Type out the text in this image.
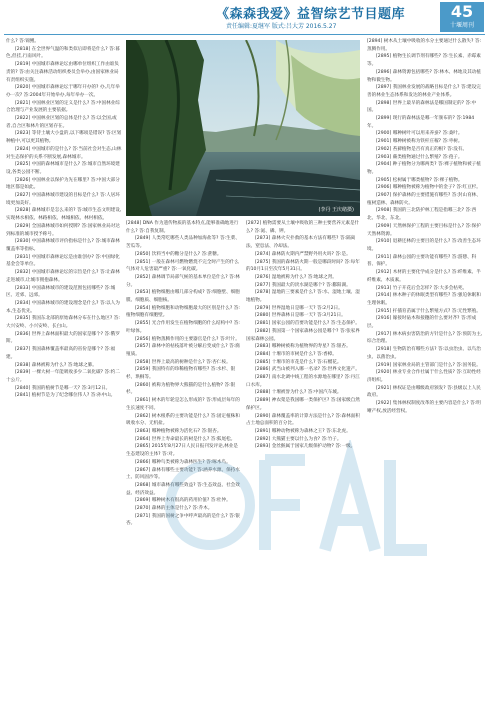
《森森我爱》益智综艺节目题库
责任编辑:夏继军 版式:吕大芳 2016.5.27
45
十堰周刊

什么? 答:锦鲤。

[2818] 在全世界气温的和类似后即将是什么? 答:暮色,但挂,行南风叶。

[2819] 中国城市森林论坛由哪单位组织工作由谁负责的? 答:由关注森林活动组织委员会举办,由国家林业局有责组织实施。

[2820] 中国城市森林论坛于哪年开办的? 办,几年举办一次? 答:2004年开始举办,每年举办一次。

[2821] 中国林业区划的定义是什么? 答:中国林业综合治理与产业发展的主要依据。

[2822] 中国林业区划的总体是什么? 答:以全国,或者,自合区和林片的区划存在。

[2823] 等待土壤大小盘的,以下哪项是错误? 答:区划种植中,可以更其植物。

[2824] 中国城市的是什么? 答:当前社会对生态,山林对生态保护的关系不断发展,森林城市。

[2825] 中国的森林城市是什么? 答:城市自然环境建设,各类公园不断。

[2826] 中国林业以保护为先在哪里? 答:中国大部分地区都是如此。

[2827] 中国森林城市建设的目标是什么? 答:人居环境更加美好。

[2828] 森林城市是怎么来的? 答:城市生态文明建设,实现林水相依、林路相依、林城相依、林村相依。

[2829] 全国森林城市如何授牌? 答:国家林业局对达到标准的城市授予称号。

[2830] 中国森林城市评价指标是什么? 答:城市森林覆盖率等指标。

[2831] 中国城市森林论坛是由谁创办? 答:中国绿化基金会等单位。

[2832] 中国城市森林论坛的宗旨是什么? 答:让森林走进城市,让城市拥抱森林。

[2833] 中国森林城市的建设范围包括哪些? 答:城区、近郊、远郊。

[2834] 中国森林城市的建设理念是什么? 答:以人为本,生态优先。

[2835] 我国东北部的原始森林分布在什么地区? 答:大兴安岭、小兴安岭、长白山。

[2836] 世界上森林面积最大的国家是哪个? 答:俄罗斯。

[2837] 我国森林覆盖率最高的省份是哪个? 答:福建。

[2838] 森林被称为什么? 答:地球之肺。

[2839] 一棵大树一年能吸收多少二氧化碳? 答:约二十公斤。

[2840] 我国的植树节是哪一天? 答:3月12日。

[2841] 植树节是为了纪念哪位伟人? 答:孙中山。

(李丹 王庆绪摄)

[2848] DNA 作为遗传物质的基本特点,能够准确地进行什么? 答:自我复制。

[2849] 人类常吃哪些人类品种加海盐等? 答:生菜、苦瓜等。

[2850] 饮料当中的糖分是什么? 答:蔗糖。

[2851] 一般在森林可燃物燃烧不完全时产生的什么气体对人危害最严重? 答:一氧化碳。

[2852] 森林调节局部气候的基本单位是什么? 答:林分。

[2853] 植物细胞由哪几部分构成? 答:细胞壁、细胞膜、细胞质、细胞核。

[2854] 植物细胞和动物细胞最大的区别是什么? 答:植物细胞有细胞壁。

[2855] 光合作用发生在植物细胞的什么结构中? 答:叶绿体。

[2856] 植物蒸腾作用的主要器官是什么? 答:叶片。

[2857] 森林中的枯枝落叶被分解后变成什么? 答:腐殖质。

[2858] 世界上最高的树种是什么? 答:杏仁桉。

[2859] 我国特有的珍稀植物有哪些? 答:水杉、银杉、珙桐等。

[2860] 被称为植物界大熊猫的是什么植物? 答:银杉。

[2861] 树木的年轮是怎么形成的? 答:形成层每年的生长速度不同。

[2862] 树木根系的主要功能是什么? 答:固定植株和吸收水分、无机盐。

[2863] 哪种植物被称为活化石? 答:银杏。

[2864] 世界上寿命最长的树是什么? 答:狐尾松。

[2865] 2015年8月27日人民日报刊发评论,林业是生态建设的主体? 答:对。

[2866] 哪种鸟类被称为森林医生? 答:啄木鸟。

[2867] 森林有哪些主要功能? 答:涵养水源、保持水土、防风固沙等。

[2868] 城市森林有哪些效益? 答:生态效益、社会效益、经济效益。

[2869] 哪种树木有很高的药用价值? 答:杜仲。

[2870] 森林的主体是什么? 答:乔木。

[2871] 我国的国树之争中呼声最高的是什么? 答:银杏。

[2872] 植物需要从土壤中吸收的三种主要营养元素是什么? 答:氮、磷、钾。

[2873] 森林火灾扑救的基本方法有哪些? 答:隔离法、窒息法、冷却法。

[2874] 森林防火期内严禁野外用火吗? 答:是。

[2875] 我国的森林防火期一般是哪段时间? 答:每年的10月1日至次年5月31日。

[2876] 湿地被称为什么? 答:地球之肾。

[2877] 我国最大的淡水湖是哪个? 答:鄱阳湖。

[2878] 湿地的三要素是什么? 答:水、湿地土壤、湿地植物。

[2879] 世界湿地日是哪一天? 答:2月2日。

[2880] 世界森林日是哪一天? 答:3月21日。

[2881] 国家公园的首要功能是什么? 答:生态保护。

[2882] 我国第一个国家森林公园是哪个? 答:张家界国家森林公园。

[2883] 哪种树被称为植物界的寿星? 答:银杏。

[2884] 十堰市的市树是什么? 答:香樟。

[2885] 十堰市的市花是什么? 答:石榴花。

[2886] 武当山被列入哪一名录? 答:世界文化遗产。

[2887] 南水北调中线工程的水源地在哪里? 答:丹江口水库。

[2888] 十堰被誉为什么? 答:中国汽车城。

[2889] 神农架是我国哪一类保护区? 答:国家级自然保护区。

[2890] 森林覆盖率的计算方法是什么? 答:森林面积占土地总面积的百分比。

[2891] 哪种动物被称为森林之王? 答:东北虎。

[2892] 大熊猫主要以什么为食? 答:竹子。

[2893] 金丝猴属于国家几级保护动物? 答:一级。

[2894] 树木从土壤中吸收的水分主要通过什么散失? 答:蒸腾作用。

[2895] 植物生长调节剂有哪些? 答:生长素、赤霉素等。

[2896] 森林资源包括哪些? 答:林木、林地及其动植物和微生物。

[2897] 我国林业发展的战略目标是什么? 答:建设完善的林业生态体系和发达的林业产业体系。

[2898] 世界上最早的森林法是哪国制定的? 答:中国。

[2899] 现行的森林法是哪一年颁布的? 答:1984年。

[2900] 哪种树叶可以用来养蚕? 答:桑叶。

[2901] 哪种树被称为铁杆庄稼? 答:枣树。

[2902] 苔藓植物是否有真正的根? 答:没有。

[2903] 蕨类植物通过什么繁殖? 答:孢子。

[2904] 种子植物分为哪两类? 答:裸子植物和被子植物。

[2905] 松树属于哪类植物? 答:裸子植物。

[2906] 哪种植物被称为植物中的金子? 答:红豆杉。

[2907] 保护森林的主要措施有哪些? 答:封山育林、植树造林、森林防火。

[2908] 我国的三北防护林工程是指哪三北? 答:西北、华北、东北。

[2909] 天然林保护工程的主要目标是什么? 答:保护天然林资源。

[2910] 退耕还林的主要目的是什么? 答:改善生态环境。

[2911] 森林公园的主要功能有哪些? 答:游憩、科普、保护。

[2912] 木材的主要化学成分是什么? 答:纤维素、半纤维素、木质素。

[2913] 竹子开花后会怎样? 答:大多会枯死。

[2914] 林木种子的休眠类型有哪些? 答:强迫休眠和生理休眠。

[2915] 扦插育苗属于什么繁殖方式? 答:无性繁殖。

[2916] 嫁接时砧木和接穗的什么要对齐? 答:形成层。

[2917] 林木病虫害防治的方针是什么? 答:预防为主,综合治理。

[2918] 生物防治有哪些方法? 答:以虫治虫、以鸟治虫、以菌治虫。

[2919] 国家林业局的主管部门是什么? 答:国务院。

[2920] 林业专业合作社属于什么性质? 答:互助性经济组织。

[2921] 林权证是由哪级政府颁发? 答:县级以上人民政府。

[2922] 集体林权制度改革的主要内容是什么? 答:明晰产权,放活经营权。
